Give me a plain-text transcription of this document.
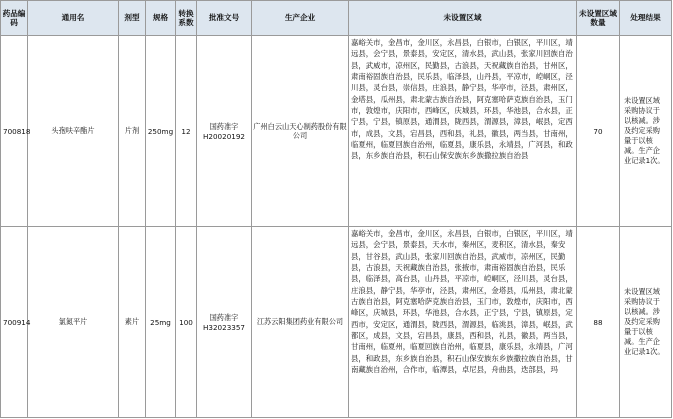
药品编码	通用名	剂型	规格	转换系数	批准文号	生产企业	未设置区域	未设置区域数量	处理结果
700818	头孢呋辛酯片	片剂	250mg	12	国药准字H20020192	广州白云山天心制药股份有限公司	嘉峪关市，金昌市，金川区，永昌县，白银市，白银区，平川区，靖远县，会宁县，景泰县，安定区，清水县，武山县，张家川回族自治县，武威市，凉州区，民勤县，古浪县，天祝藏族自治县，甘州区，肃南裕固族自治县，民乐县，临泽县，山丹县，平凉市，崆峒区，泾川县，灵台县，崇信县，庄浪县，静宁县，华亭市，泾县，肃州区，金塔县，瓜州县，肃北蒙古族自治县，阿克塞哈萨克族自治县，玉门市，敦煌市，庆阳市，西峰区，庆城县，环县，华池县，合水县，正宁县，宁县，镇原县，通渭县，陇西县，渭源县，漳县，岷县，定西市，成县，文县，宕昌县，西和县，礼县，徽县，两当县，甘南州，临夏州，临夏回族自治州，临夏县，康乐县，永靖县，广河县，和政县，东乡族自治县，积石山保安族东乡族撒拉族自治县	70	未设置区域采购协议于以核减。涉及约定采购量于以核减。生产企业记录1次。
700914	氯氮平片	素片	25mg	100	国药准字H32023357	江苏云阳集团药业有限公司	嘉峪关市，金昌市，金川区，永昌县，白银市，白银区，平川区，靖远县，会宁县，景泰县，天水市，秦州区，麦积区，清水县，秦安县，甘谷县，武山县，张家川回族自治县，武威市，凉州区，民勤县，古浪县，天祝藏族自治县，张掖市，肃南裕固族自治县，民乐县，临泽县，高台县，山丹县，平凉市，崆峒区，泾川县，灵台县，庄浪县，静宁县，华亭市，泾县，肃州区，金塔县，瓜州县，肃北蒙古族自治县，阿克塞哈萨克族自治县，玉门市，敦煌市，庆阳市，西峰区，庆城县，环县，华池县，合水县，正宁县，宁县，镇原县，定西市，安定区，通渭县，陇西县，渭源县，临洮县，漳县，岷县，武都区，成县，文县，宕昌县，康县，西和县，礼县，徽县，两当县，甘南州，临夏州，临夏回族自治州，临夏县，康乐县，永靖县，广河县，和政县，东乡族自治县，积石山保安族东乡族撒拉族自治县，甘南藏族自治州，合作市，临潭县，卓尼县，舟曲县，迭部县，玛	88	未设置区域采购协议于以核减。涉及约定采购量于以核减。生产企业记录1次。
